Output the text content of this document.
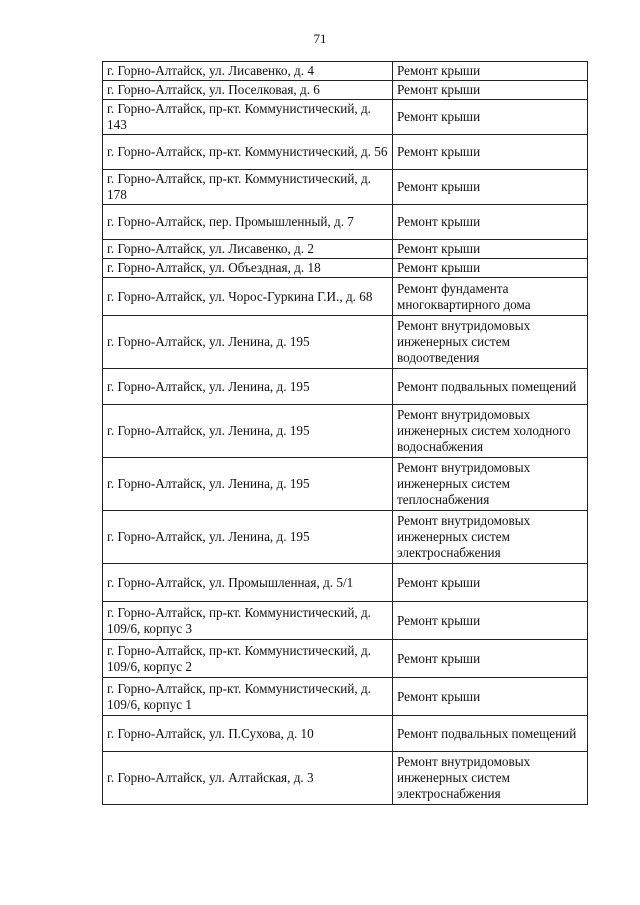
71
г. Горно-Алтайск, ул. Лисавенко, д. 4	Ремонт крыши
г. Горно-Алтайск, ул. Поселковая, д. 6	Ремонт крыши
г. Горно-Алтайск, пр-кт. Коммунистический, д. 143	Ремонт крыши
г. Горно-Алтайск, пр-кт. Коммунистический, д. 56	Ремонт крыши
г. Горно-Алтайск, пр-кт. Коммунистический, д. 178	Ремонт крыши
г. Горно-Алтайск, пер. Промышленный, д. 7	Ремонт крыши
г. Горно-Алтайск, ул. Лисавенко, д. 2	Ремонт крыши
г. Горно-Алтайск, ул. Объездная, д. 18	Ремонт крыши
г. Горно-Алтайск, ул. Чорос-Гуркина Г.И., д. 68	Ремонт фундамента многоквартирного дома
г. Горно-Алтайск, ул. Ленина, д. 195	Ремонт внутридомовых инженерных систем водоотведения
г. Горно-Алтайск, ул. Ленина, д. 195	Ремонт подвальных помещений
г. Горно-Алтайск, ул. Ленина, д. 195	Ремонт внутридомовых инженерных систем холодного водоснабжения
г. Горно-Алтайск, ул. Ленина, д. 195	Ремонт внутридомовых инженерных систем теплоснабжения
г. Горно-Алтайск, ул. Ленина, д. 195	Ремонт внутридомовых инженерных систем электроснабжения
г. Горно-Алтайск, ул. Промышленная, д. 5/1	Ремонт крыши
г. Горно-Алтайск, пр-кт. Коммунистический, д. 109/6, корпус 3	Ремонт крыши
г. Горно-Алтайск, пр-кт. Коммунистический, д. 109/6, корпус 2	Ремонт крыши
г. Горно-Алтайск, пр-кт. Коммунистический, д. 109/6, корпус 1	Ремонт крыши
г. Горно-Алтайск, ул. П.Сухова, д. 10	Ремонт подвальных помещений
г. Горно-Алтайск, ул. Алтайская, д. 3	Ремонт внутридомовых инженерных систем электроснабжения
